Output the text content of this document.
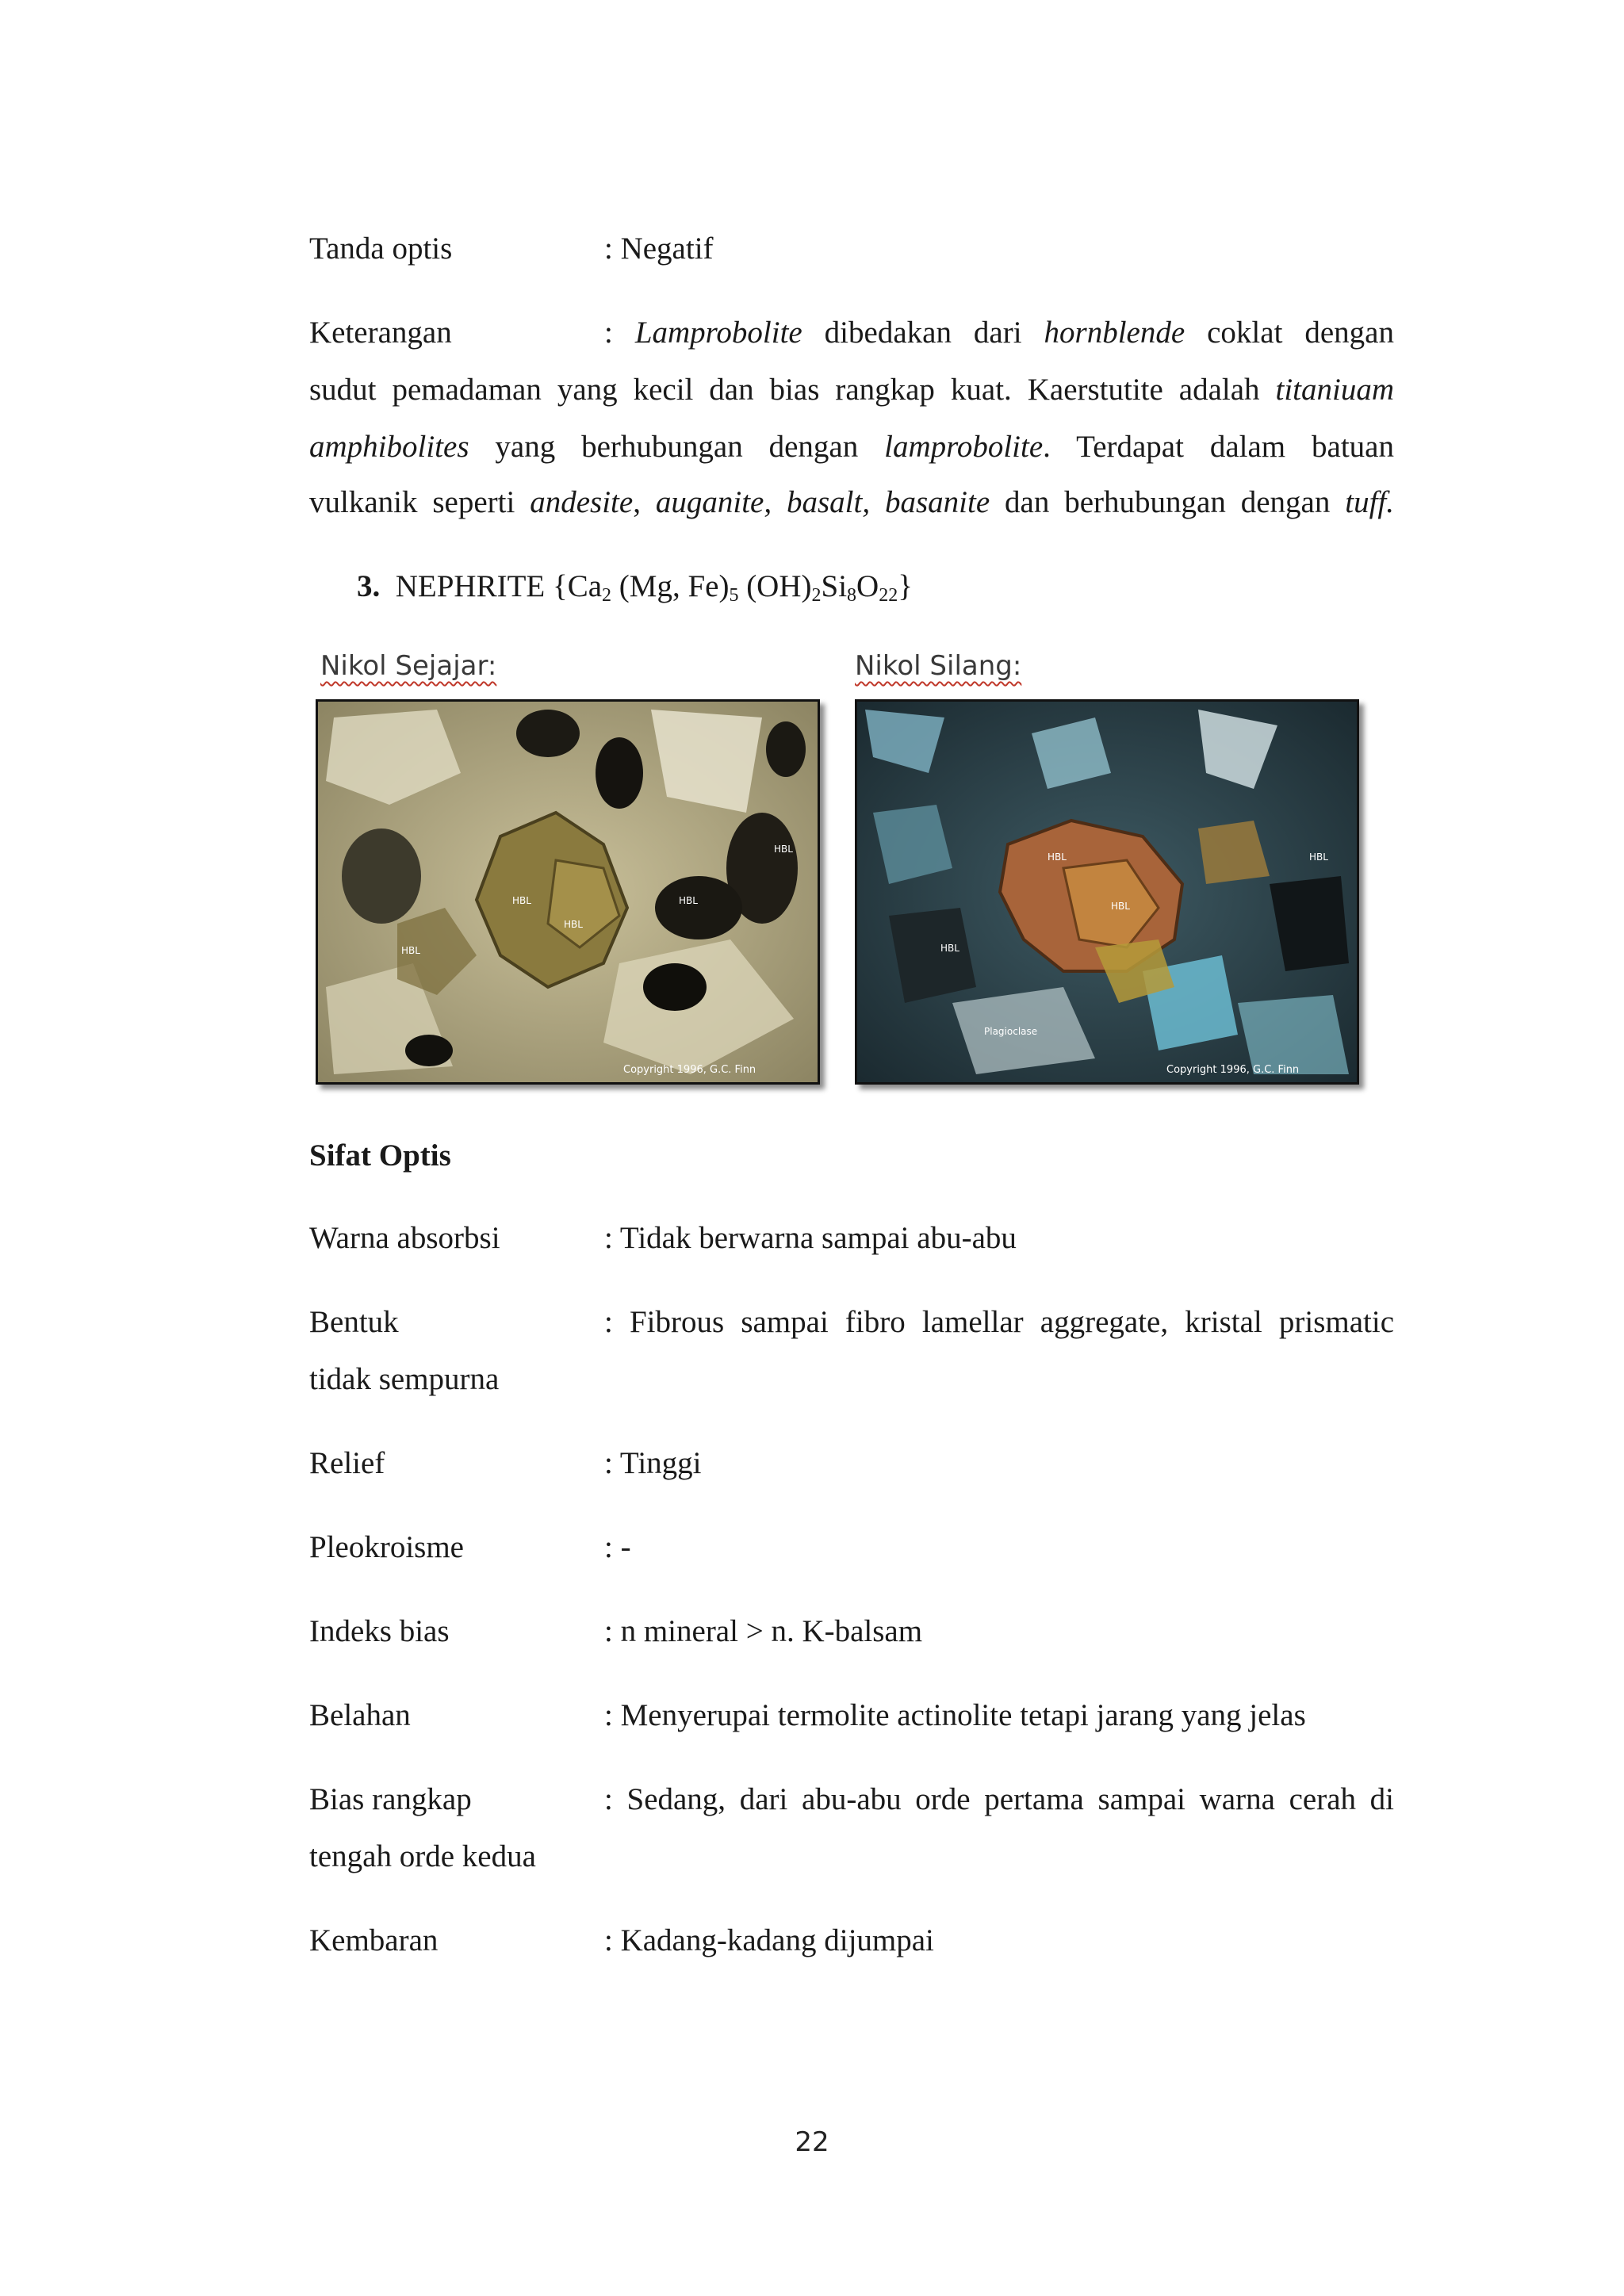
Tanda optis	: Negatif
Keterangan	: Lamprobolite dibedakan dari hornblende coklat dengan
sudut pemadaman yang kecil dan bias rangkap kuat. Kaerstutite adalah titaniuam
amphibolites yang berhubungan dengan lamprobolite. Terdapat dalam batuan
vulkanik seperti andesite, auganite, basalt, basanite dan berhubungan dengan tuff.
3. NEPHRITE {$Ca_2$ (Mg, $Fe)_5$ $(OH)_2Si_8O_{22}$}
Nikol Sejajar:
HBL
HBL
HBL
HBL
HBL
Copyright 1996, G.C. Finn
Nikol Silang:
HBL
HBL
HBL
HBL
Plagioclase
Copyright 1996, G.C. Finn
Sifat Optis
Warna absorbsi	: Tidak berwarna sampai abu-abu
Bentuk	: Fibrous sampai fibro lamellar aggregate, kristal prismatic
tidak sempurna
Relief	: Tinggi
Pleokroisme	: -
Indeks bias	: n mineral > n. K-balsam
Belahan	: Menyerupai termolite actinolite tetapi jarang yang jelas
Bias rangkap	: Sedang, dari abu-abu orde pertama sampai warna cerah di
tengah orde kedua
Kembaran	: Kadang-kadang dijumpai
22
